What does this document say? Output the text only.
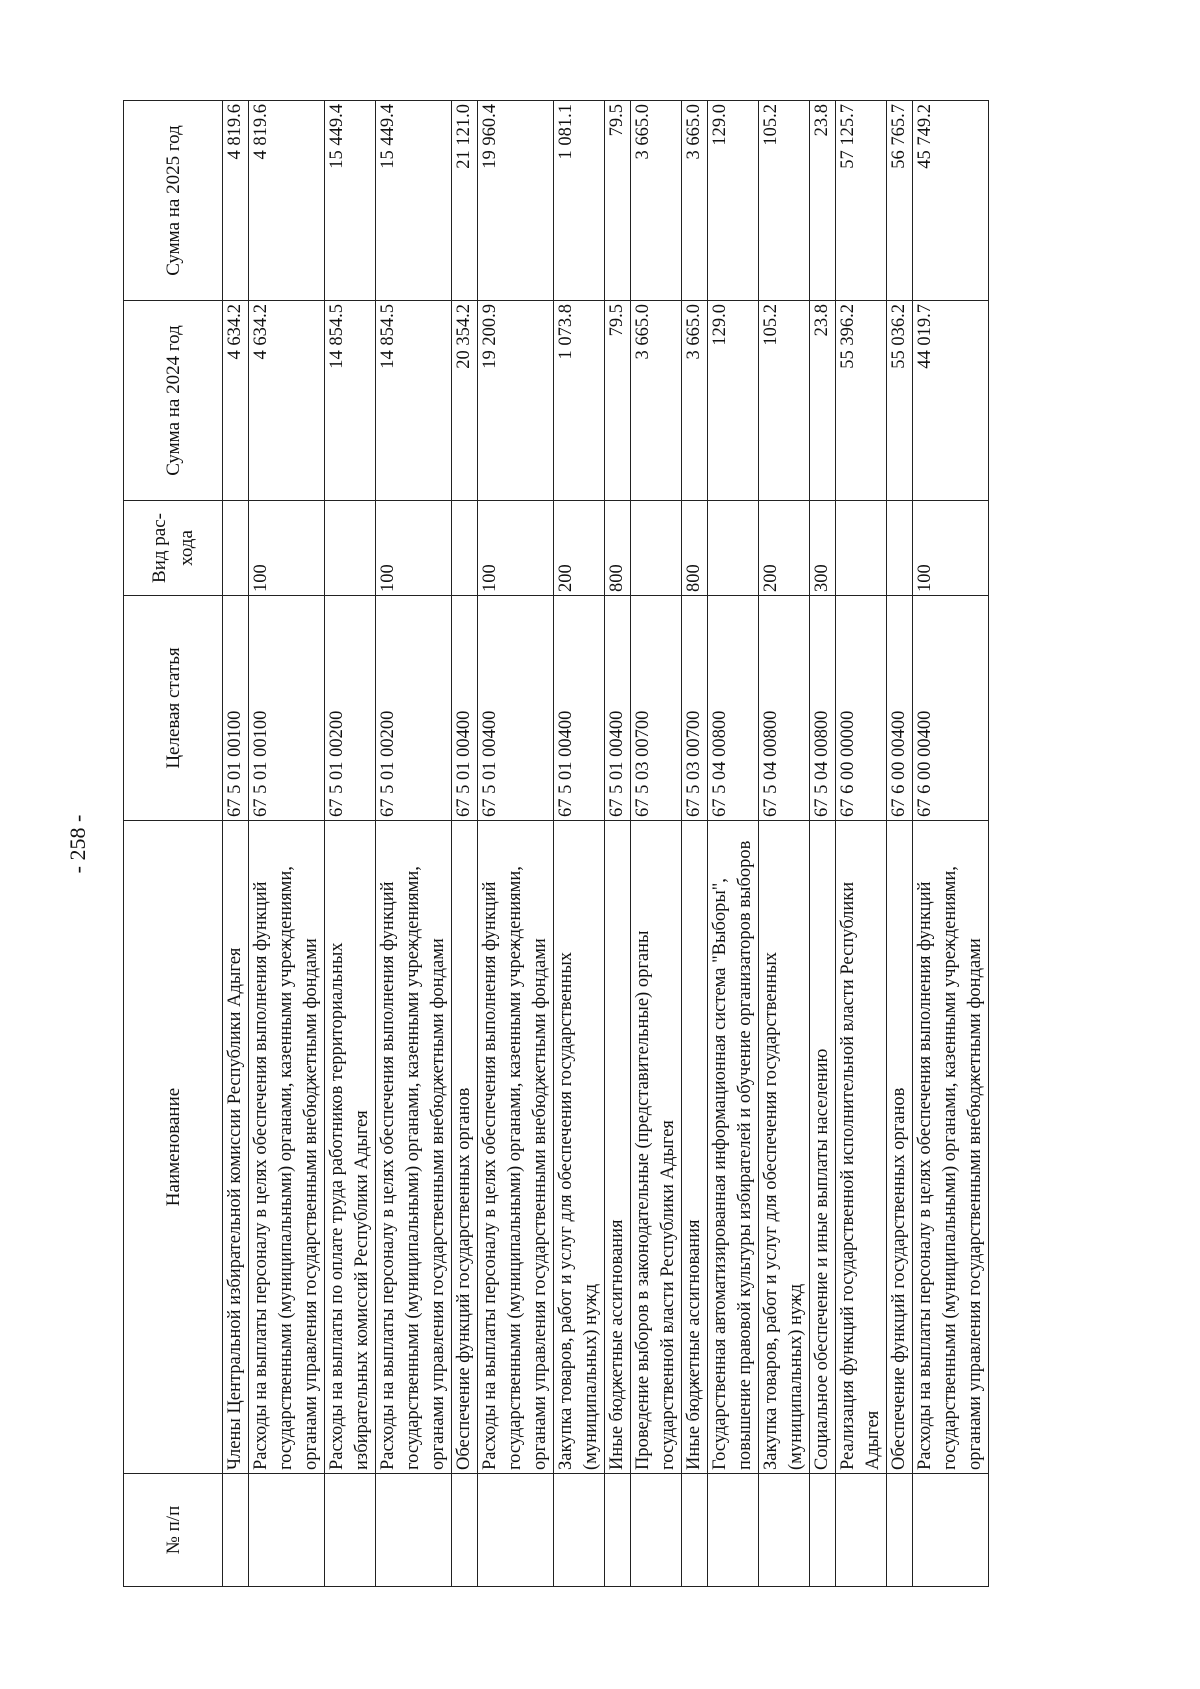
- 258 -
№ п/п	Наименование	Целевая статья	Вид рас- хода	Сумма на 2024 год	Сумма на 2025 год
	Члены Центральной избирательной комиссии Республики Адыгея	67 5 01 00100		4 634.2	4 819.6
	Расходы на выплаты персоналу в целях обеспечения выполнения функций государственными (муниципальными) органами, казенными учреждениями, органами управления государственными внебюджетными фондами	67 5 01 00100	100	4 634.2	4 819.6
	Расходы на выплаты по оплате труда работников территориальных избирательных комиссий Республики Адыгея	67 5 01 00200		14 854.5	15 449.4
	Расходы на выплаты персоналу в целях обеспечения выполнения функций государственными (муниципальными) органами, казенными учреждениями, органами управления государственными внебюджетными фондами	67 5 01 00200	100	14 854.5	15 449.4
	Обеспечение функций государственных органов	67 5 01 00400		20 354.2	21 121.0
	Расходы на выплаты персоналу в целях обеспечения выполнения функций государственными (муниципальными) органами, казенными учреждениями, органами управления государственными внебюджетными фондами	67 5 01 00400	100	19 200.9	19 960.4
	Закупка товаров, работ и услуг для обеспечения государственных (муниципальных) нужд	67 5 01 00400	200	1 073.8	1 081.1
	Иные бюджетные ассигнования	67 5 01 00400	800	79.5	79.5
	Проведение выборов в законодательные (представительные) органы государственной власти Республики Адыгея	67 5 03 00700		3 665.0	3 665.0
	Иные бюджетные ассигнования	67 5 03 00700	800	3 665.0	3 665.0
	Государственная автоматизированная информационная система "Выборы", повышение правовой культуры избирателей и обучение организаторов выборов	67 5 04 00800		129.0	129.0
	Закупка товаров, работ и услуг для обеспечения государственных (муниципальных) нужд	67 5 04 00800	200	105.2	105.2
	Социальное обеспечение и иные выплаты населению	67 5 04 00800	300	23.8	23.8
	Реализация функций государственной исполнительной власти Республики Адыгея	67 6 00 00000		55 396.2	57 125.7
	Обеспечение функций государственных органов	67 6 00 00400		55 036.2	56 765.7
	Расходы на выплаты персоналу в целях обеспечения выполнения функций государственными (муниципальными) органами, казенными учреждениями, органами управления государственными внебюджетными фондами	67 6 00 00400	100	44 019.7	45 749.2
